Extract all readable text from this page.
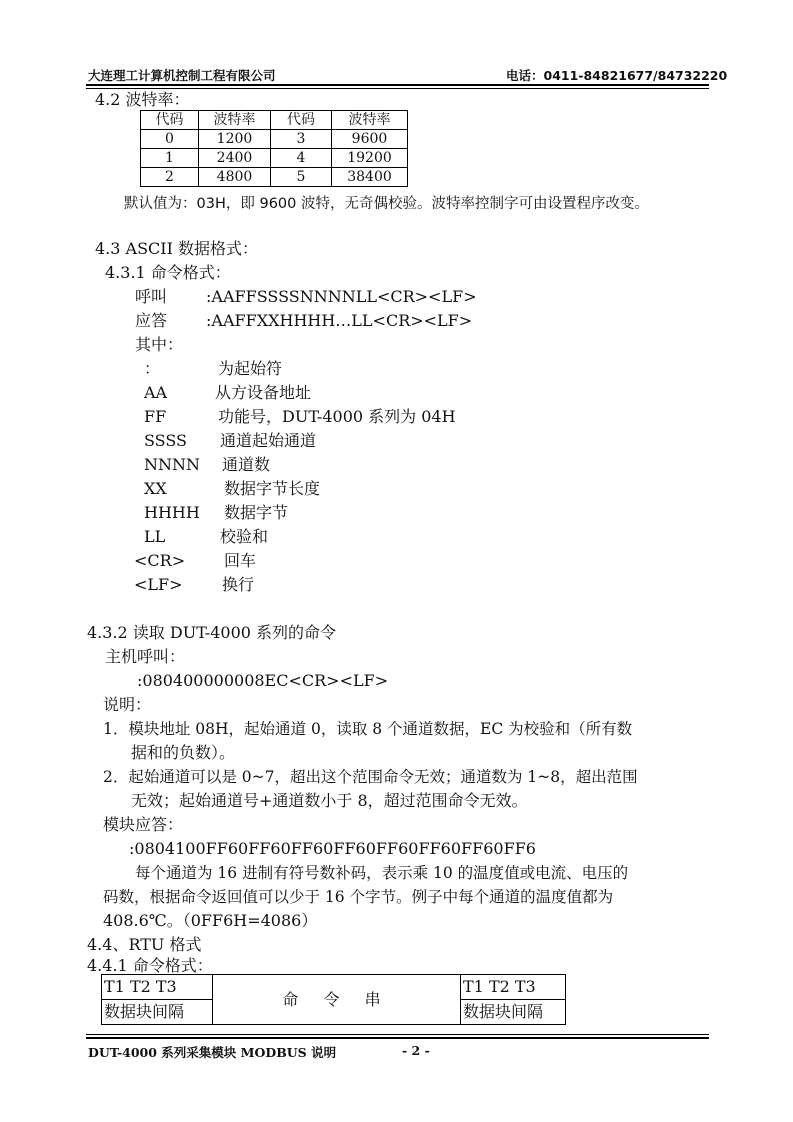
大连理工计算机控制工程有限公司	电话：0411-84821677/84732220
4.2 波特率：
代码	波特率	代码	波特率
0	1200	3	9600
1	2400	4	19200
2	4800	5	38400
默认值为：03H，即 9600 波特，无奇偶校验。波特率控制字可由设置程序改变。
4.3 ASCII 数据格式：
4.3.1 命令格式：
呼叫 :AAFFSSSSNNNNLL<CR><LF>
应答 :AAFFXXHHHH…LL<CR><LF>
其中：
：	为起始符
AA	从方设备地址
FF	功能号，DUT-4000 系列为 04H
SSSS 通道起始通道
NNNN 通道数
XX	数据字节长度
HHHH 数据字节
LL	校验和
<CR> 回车
<LF> 换行
4.3.2 读取 DUT-4000 系列的命令
主机呼叫：
:080400000008EC<CR><LF>
说明：
1．模块地址 08H，起始通道 0，读取 8 个通道数据，EC 为校验和（所有数
据和的负数）。
2．起始通道可以是 0~7，超出这个范围命令无效；通道数为 1~8，超出范围
无效；起始通道号+通道数小于 8，超过范围命令无效。
模块应答：
:0804100FF60FF60FF60FF60FF60FF60FF60FF6
每个通道为 16 进制有符号数补码，表示乘 10 的温度值或电流、电压的
码数，根据命令返回值可以少于 16 个字节。例子中每个通道的温度值都为
408.6℃。（0FF6H=4086）
4.4、RTU 格式
4.4.1 命令格式：
T1 T2 T3	命 令 串	T1 T2 T3
数据块间隔		数据块间隔
DUT-4000 系列采集模块 MODBUS 说明	- 2 -
